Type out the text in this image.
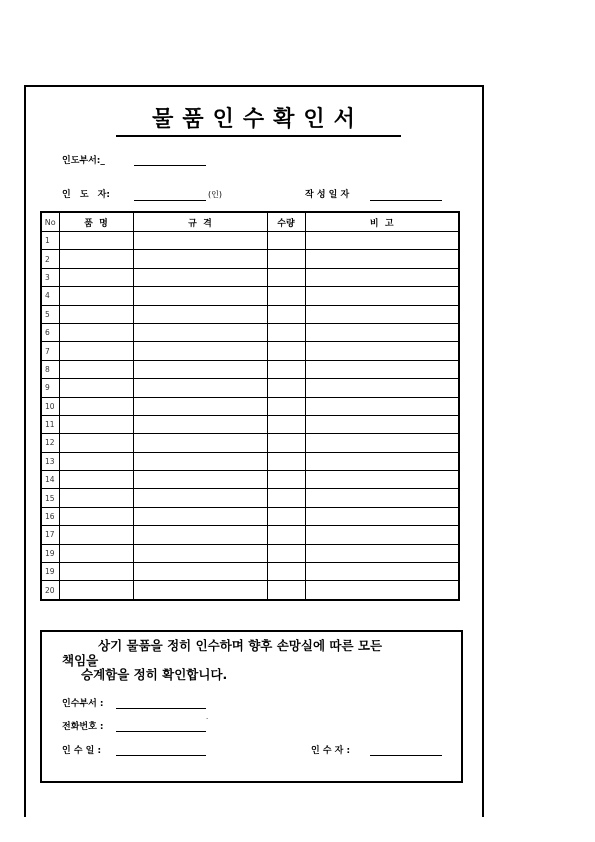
물품인수확인서
인도부서:_
인 도 자:	(인)	작 성 일 자
No	품  명	규  격	수량	비  고
1				
2				
3				
4				
5				
6				
7				
8				
9				
10				
11				
12				
13				
14				
15				
16				
17				
19				
19				
20				
상기 물품을 정히 인수하며 향후 손망실에 따른 모든
책임을
승계함을 정히 확인합니다.
인수부서 :
.
전화번호 :
인 수 일 :	인 수 자 :
